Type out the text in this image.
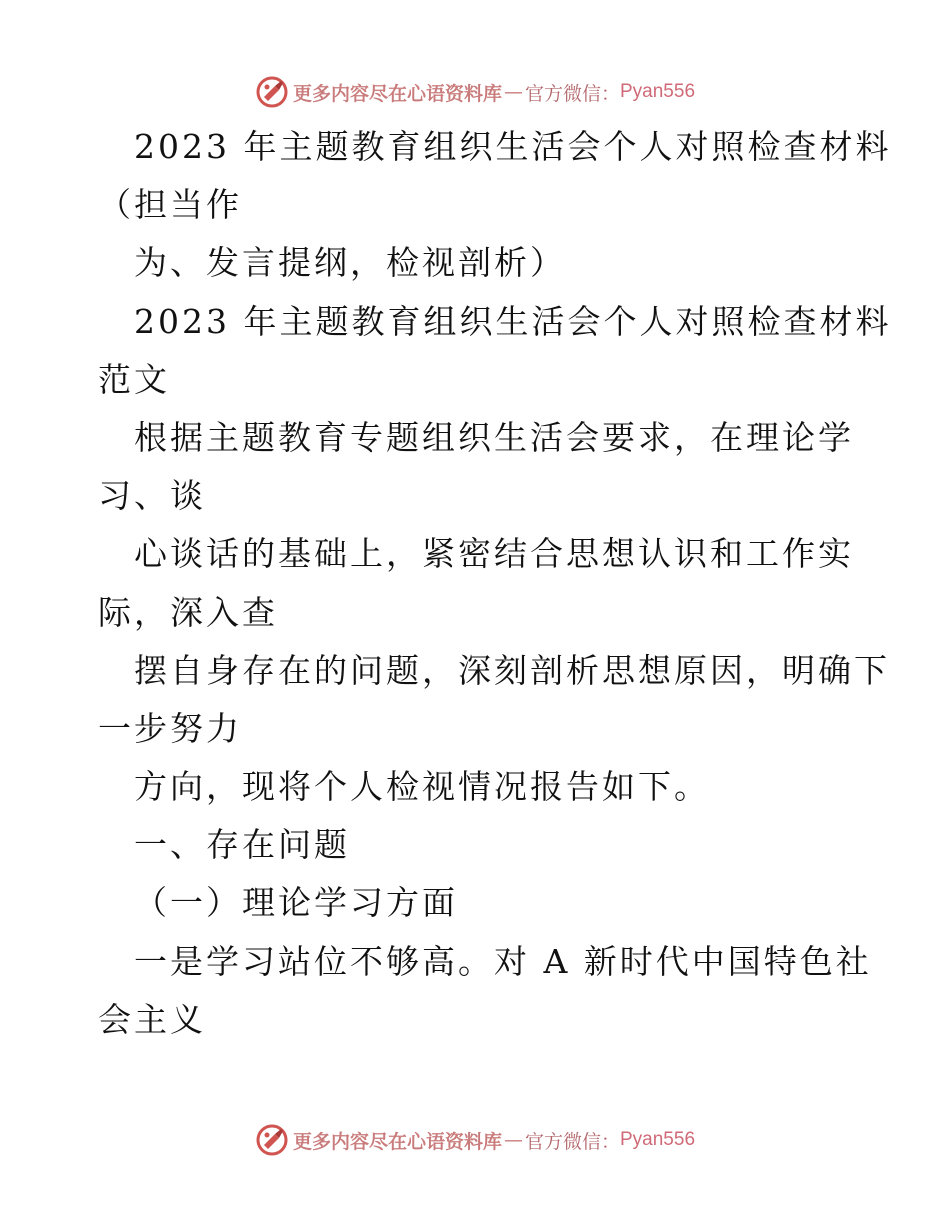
更多内容尽在心语资料库 — 官方微信： Pyan556
2023 年主题教育组织生活会个人对照检查材料
（担当作
为、发言提纲，检视剖析）
2023 年主题教育组织生活会个人对照检查材料
范文
根据主题教育专题组织生活会要求，在理论学
习、谈
心谈话的基础上，紧密结合思想认识和工作实
际，深入查
摆自身存在的问题，深刻剖析思想原因，明确下
一步努力
方向，现将个人检视情况报告如下。
一、存在问题
（一）理论学习方面
一是学习站位不够高。对 A 新时代中国特色社
会主义
更多内容尽在心语资料库 — 官方微信： Pyan556
